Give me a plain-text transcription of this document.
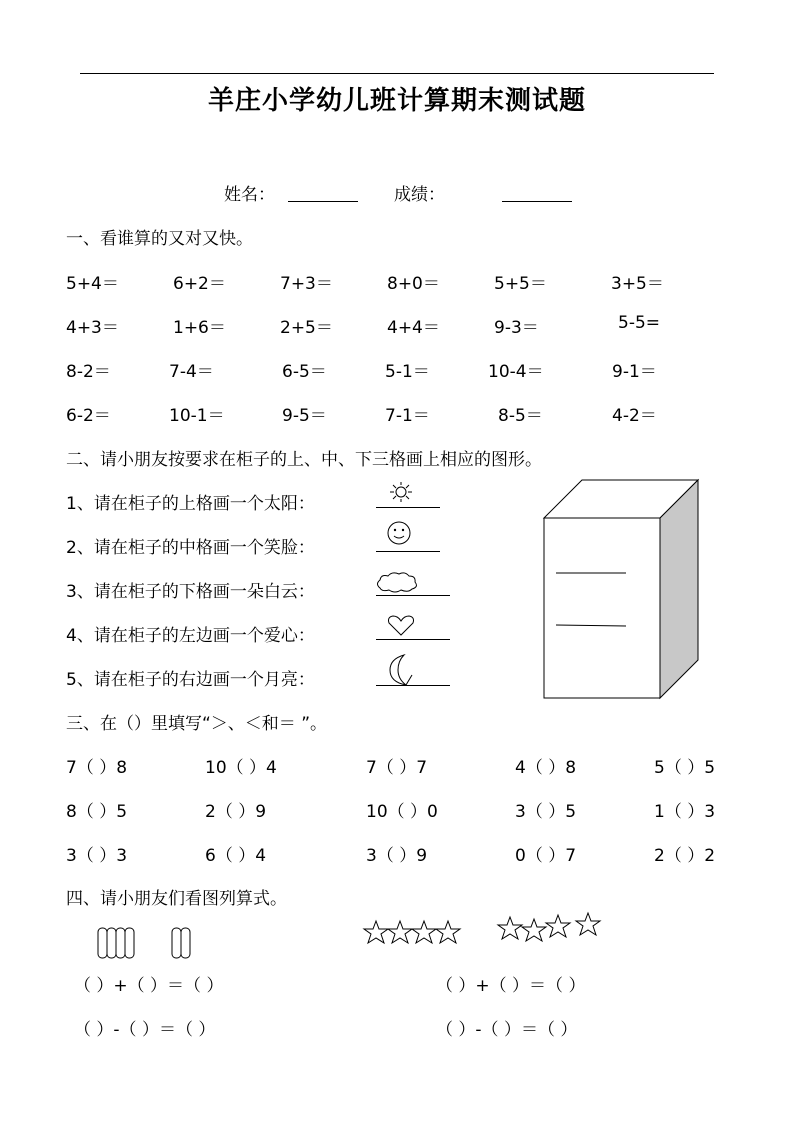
羊庄小学幼儿班计算期末测试题
姓名：	成绩：
一、看谁算的又对又快。
5+4＝	6+2＝	7+3＝	8+0＝	5+5＝	3+5＝
4+3＝	1+6＝	2+5＝	4+4＝	9-3＝	5-5=
8-2＝	7-4＝	6-5＝	5-1＝	10-4＝	9-1＝
6-2＝	10-1＝	9-5＝	7-1＝	8-5＝	4-2＝
二、请小朋友按要求在柜子的上、中、下三格画上相应的图形。
1、请在柜子的上格画一个太阳：
2、请在柜子的中格画一个笑脸：
3、请在柜子的下格画一朵白云：
4、请在柜子的左边画一个爱心：
5、请在柜子的右边画一个月亮：
三、在（）里填写“＞、＜和＝ ”。
7（ ）8	10（ ）4	7（ ）7	4（ ）8	5（ ）5
8（ ）5	2（ ）9	10（ ）0	3（ ）5	1（ ）3
3（ ）3	6（ ）4	3（ ）9	0（ ）7	2（ ）2
四、请小朋友们看图列算式。
（ ）+（ ）＝（ ）	（ ）+（ ）＝（ ）
（ ）-（ ）＝（ ）	（ ）-（ ）＝（ ）
